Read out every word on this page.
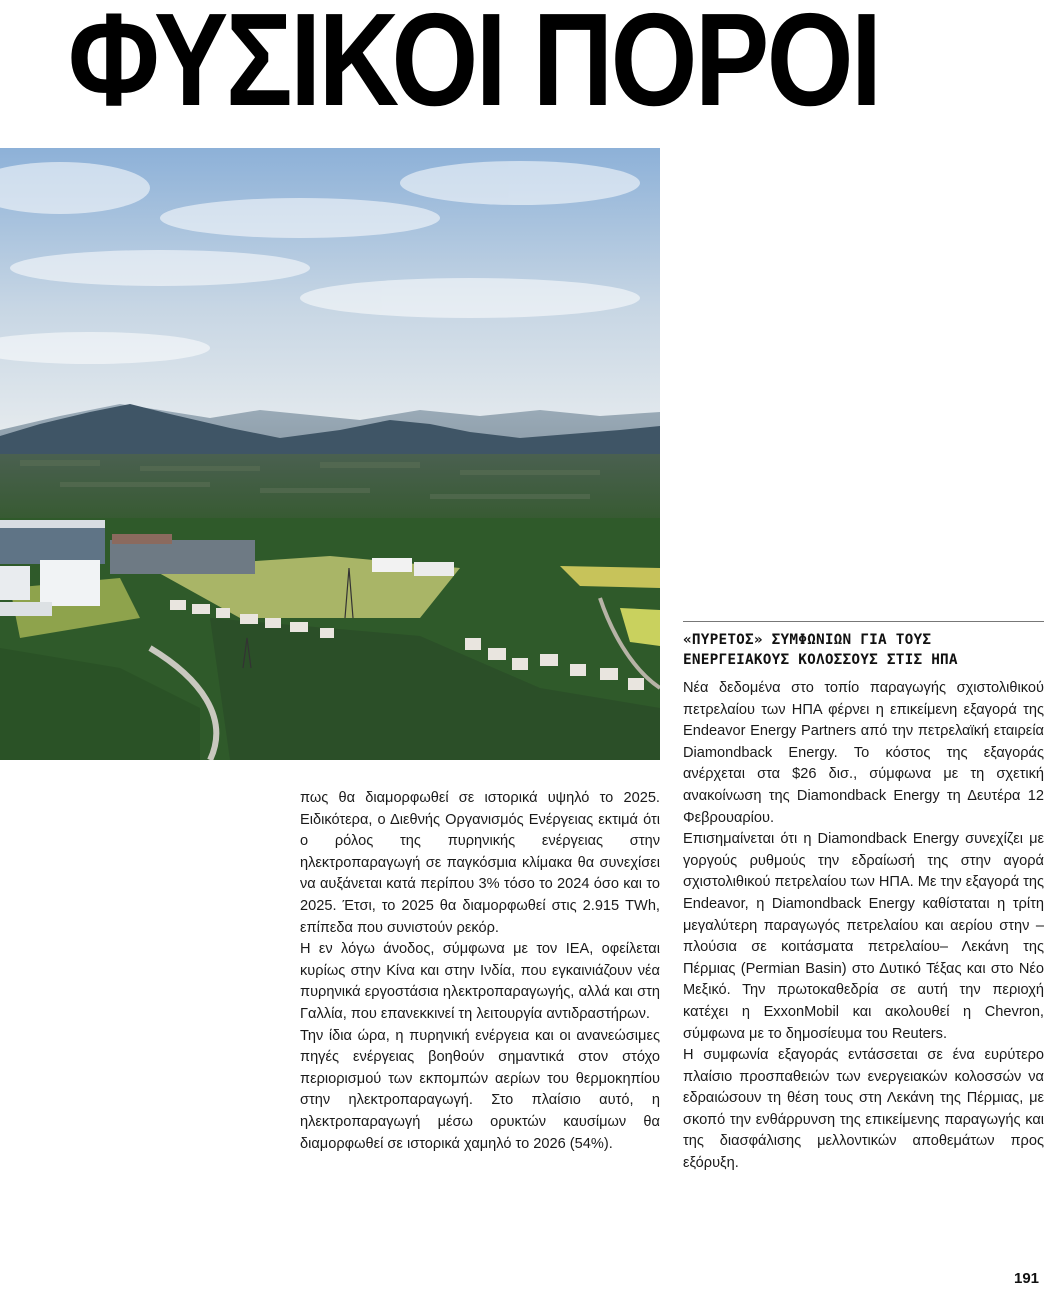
ΦΥΣΙΚΟΙ ΠΟΡΟΙ

πως θα διαμορφωθεί σε ιστορικά υψηλό το 2025. Ειδικότερα, ο Διεθνής Οργανισμός Ενέργειας εκτιμά ότι ο ρόλος της πυρηνικής ενέργειας στην ηλεκτροπαραγωγή σε παγκόσμια κλίμακα θα συνεχίσει να αυξάνεται κατά περίπου 3% τόσο το 2024 όσο και το 2025. Έτσι, το 2025 θα διαμορφωθεί στις 2.915 TWh, επίπεδα που συνιστούν ρεκόρ.

Η εν λόγω άνοδος, σύμφωνα με τον ΙΕΑ, οφείλεται κυρίως στην Κίνα και στην Ινδία, που εγκαινιάζουν νέα πυρηνικά εργοστάσια ηλεκτροπαραγωγής, αλλά και στη Γαλλία, που επανεκκινεί τη λειτουργία αντιδραστήρων.

Την ίδια ώρα, η πυρηνική ενέργεια και οι ανανεώσιμες πηγές ενέργειας βοηθούν σημαντικά στον στόχο περιορισμού των εκπομπών αερίων του θερμοκηπίου στην ηλεκτροπαραγωγή. Στο πλαίσιο αυτό, η ηλεκτροπαραγωγή μέσω ορυκτών καυσίμων θα διαμορφωθεί σε ιστορικά χαμηλό το 2026 (54%).

«ΠΥΡΕΤΟΣ» ΣΥΜΦΩΝΙΩΝ ΓΙΑ ΤΟΥΣ ΕΝΕΡΓΕΙΑΚΟΥΣ ΚΟΛΟΣΣΟΥΣ ΣΤΙΣ ΗΠΑ

Νέα δεδομένα στο τοπίο παραγωγής σχιστολιθικού πετρελαίου των ΗΠΑ φέρνει η επικείμενη εξαγορά της Endeavor Energy Partners από την πετρελαϊκή εταιρεία Diamondback Energy. Το κόστος της εξαγοράς ανέρχεται στα $26 δισ., σύμφωνα με τη σχετική ανακοίνωση της Diamondback Energy τη Δευτέρα 12 Φεβρουαρίου.

Επισημαίνεται ότι η Diamondback Energy συνεχίζει με γοργούς ρυθμούς την εδραίωσή της στην αγορά σχιστολιθικού πετρελαίου των ΗΠΑ. Με την εξαγορά της Endeavor, η Diamondback Energy καθίσταται η τρίτη μεγαλύτερη παραγωγός πετρελαίου και αερίου στην –πλούσια σε κοιτάσματα πετρελαίου– Λεκάνη της Πέρμιας (Permian Basin) στο Δυτικό Τέξας και στο Νέο Μεξικό. Την πρωτοκαθεδρία σε αυτή την περιοχή κατέχει η ExxonMobil και ακολουθεί η Chevron, σύμφωνα με το δημοσίευμα του Reuters.

Η συμφωνία εξαγοράς εντάσσεται σε ένα ευρύτερο πλαίσιο προσπαθειών των ενεργειακών κολοσσών να εδραιώσουν τη θέση τους στη Λεκάνη της Πέρμιας, με σκοπό την ενθάρρυνση της επικείμενης παραγωγής και της διασφάλισης μελλοντικών αποθεμάτων προς εξόρυξη.

191
